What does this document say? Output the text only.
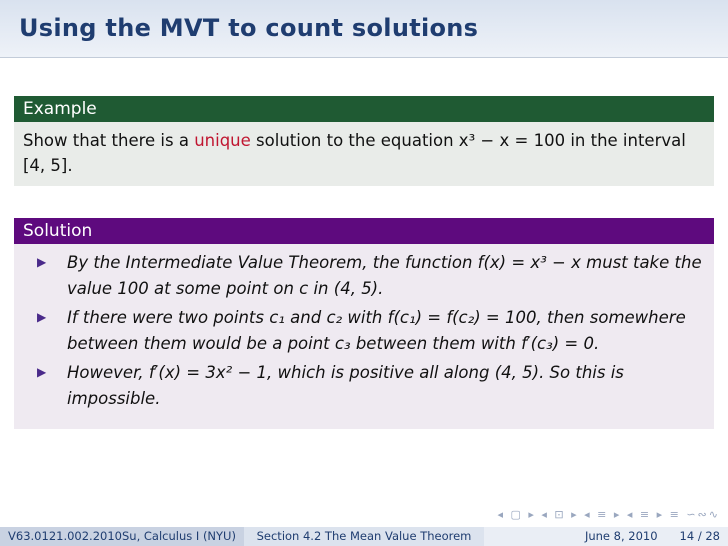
Using the MVT to count solutions
Example
Show that there is a unique solution to the equation x³ − x = 100 in the interval [4, 5].
Solution
▶ By the Intermediate Value Theorem, the function f(x) = x³ − x must take the value 100 at some point on c in (4, 5).
▶ If there were two points c₁ and c₂ with f(c₁) = f(c₂) = 100, then somewhere between them would be a point c₃ between them with f′(c₃) = 0.
▶ However, f′(x) = 3x² − 1, which is positive all along (4, 5). So this is impossible.
◂ ▢ ▸ ◂ ⊡ ▸ ◂ ≡ ▸ ◂ ≡ ▸ ≡ ∽∾∿
V63.0121.002.2010Su, Calculus I (NYU)	Section 4.2 The Mean Value Theorem	June 8, 2010 14 / 28
